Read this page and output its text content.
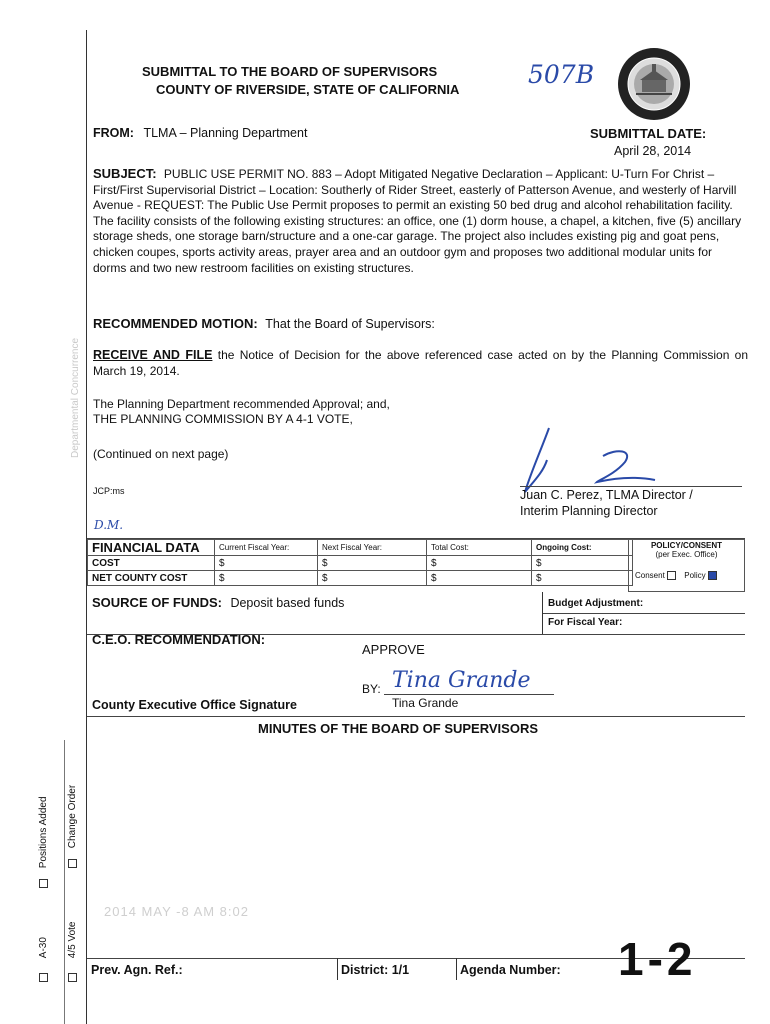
SUBMITTAL TO THE BOARD OF SUPERVISORS
COUNTY OF RIVERSIDE, STATE OF CALIFORNIA
507B
FROM: TLMA – Planning Department	SUBMITTAL DATE:
April 28, 2014
SUBJECT: PUBLIC USE PERMIT NO. 883 – Adopt Mitigated Negative Declaration – Applicant: U-Turn For Christ – First/First Supervisorial District – Location: Southerly of Rider Street, easterly of Patterson Avenue, and westerly of Harvill Avenue - REQUEST: The Public Use Permit proposes to permit an existing 50 bed drug and alcohol rehabilitation facility. The facility consists of the following existing structures: an office, one (1) dorm house, a chapel, a kitchen, five (5) ancillary storage sheds, one storage barn/structure and a one-car garage. The project also includes existing pig and goat pens, chicken coupes, sports activity areas, prayer area and an outdoor gym and proposes two additional modular units for dorms and two new restroom facilities on existing structures.
RECOMMENDED MOTION: That the Board of Supervisors:
RECEIVE AND FILE the Notice of Decision for the above referenced case acted on by the Planning Commission on March 19, 2014.
The Planning Department recommended Approval; and,
THE PLANNING COMMISSION BY A 4-1 VOTE,
(Continued on next page)
Departmental Concurrence
JCP:ms	Juan C. Perez, TLMA Director /
Interim Planning Director
D.M.
FINANCIAL DATA	Current Fiscal Year:	Next Fiscal Year:	Total Cost:	Ongoing Cost:
COST	$	$	$	$
NET COUNTY COST	$	$	$	$
POLICY/CONSENT
(per Exec. Office)
Consent Policy
SOURCE OF FUNDS: Deposit based funds	Budget Adjustment:
For Fiscal Year:
C.E.O. RECOMMENDATION:
APPROVE
BY: Tina Grande
Tina Grande
County Executive Office Signature
MINUTES OF THE BOARD OF SUPERVISORS
Positions Added Change Order
A-30 4/5 Vote
2014 MAY -8 AM 8:02
Prev. Agn. Ref.:	District: 1/1	Agenda Number: 1-2
